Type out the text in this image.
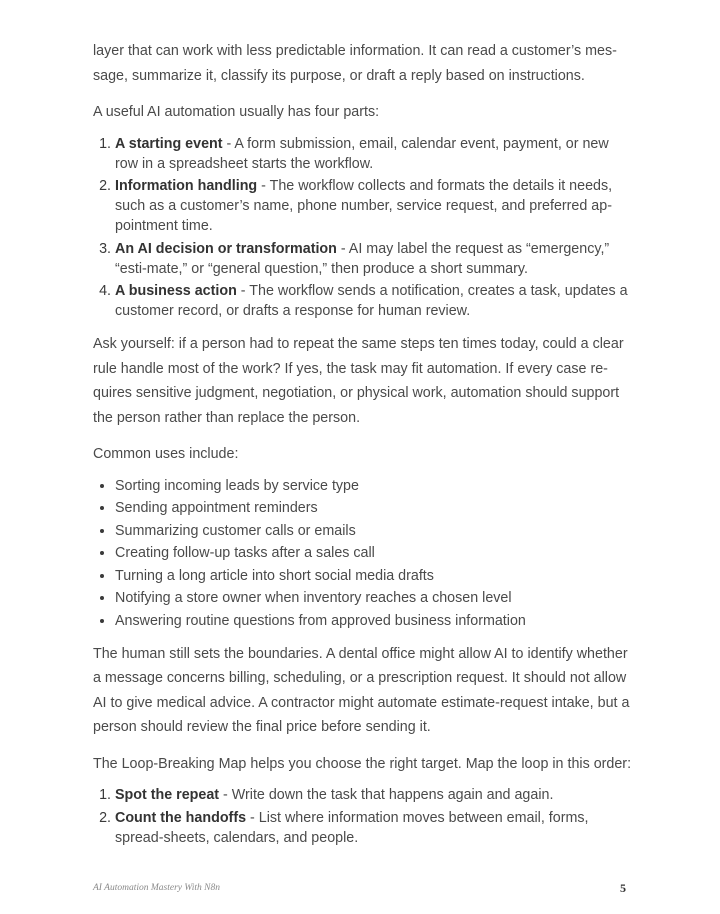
layer that can work with less predictable information. It can read a customer’s mes-sage, summarize it, classify its purpose, or draft a reply based on instructions.

A useful AI automation usually has four parts:

1. A starting event - A form submission, email, calendar event, payment, or new row in a spreadsheet starts the workflow.
2. Information handling - The workflow collects and formats the details it needs, such as a customer’s name, phone number, service request, and preferred ap-pointment time.
3. An AI decision or transformation - AI may label the request as “emergency,” “esti-mate,” or “general question,” then produce a short summary.
4. A business action - The workflow sends a notification, creates a task, updates a customer record, or drafts a response for human review.

Ask yourself: if a person had to repeat the same steps ten times today, could a clear rule handle most of the work? If yes, the task may fit automation. If every case re-quires sensitive judgment, negotiation, or physical work, automation should support the person rather than replace the person.

Common uses include:

• Sorting incoming leads by service type
• Sending appointment reminders
• Summarizing customer calls or emails
• Creating follow-up tasks after a sales call
• Turning a long article into short social media drafts
• Notifying a store owner when inventory reaches a chosen level
• Answering routine questions from approved business information

The human still sets the boundaries. A dental office might allow AI to identify whether a message concerns billing, scheduling, or a prescription request. It should not allow AI to give medical advice. A contractor might automate estimate-request intake, but a person should review the final price before sending it.

The Loop-Breaking Map helps you choose the right target. Map the loop in this order:

1. Spot the repeat - Write down the task that happens again and again.
2. Count the handoffs - List where information moves between email, forms, spread-sheets, calendars, and people.
AI Automation Mastery With N8n	5
